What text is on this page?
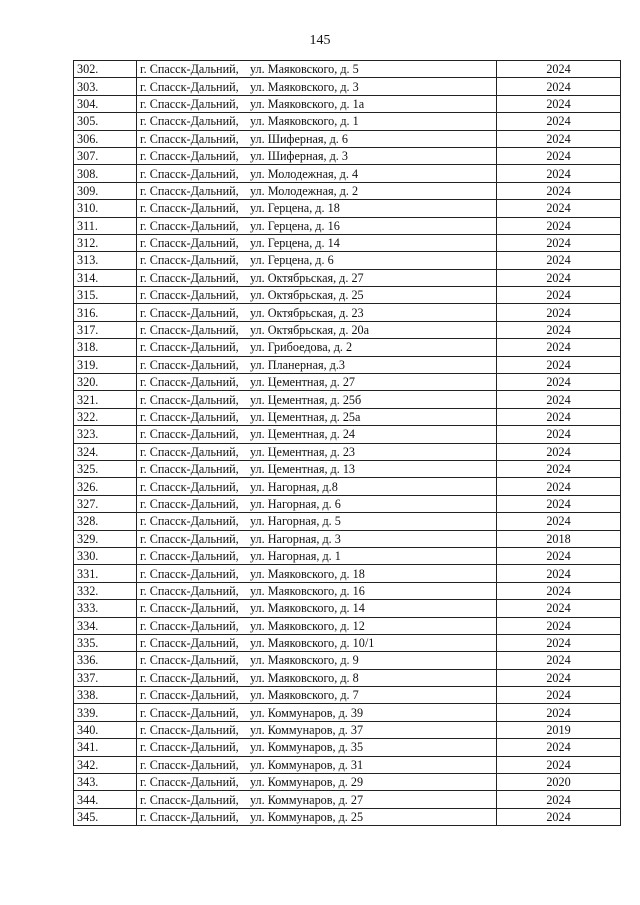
145
302.	г. Спасск-Дальний, ул. Маяковского, д. 5	2024
303.	г. Спасск-Дальний, ул. Маяковского, д. 3	2024
304.	г. Спасск-Дальний, ул. Маяковского, д. 1а	2024
305.	г. Спасск-Дальний, ул. Маяковского, д. 1	2024
306.	г. Спасск-Дальний, ул. Шиферная, д. 6	2024
307.	г. Спасск-Дальний, ул. Шиферная, д. 3	2024
308.	г. Спасск-Дальний, ул. Молодежная, д. 4	2024
309.	г. Спасск-Дальний, ул. Молодежная, д. 2	2024
310.	г. Спасск-Дальний, ул. Герцена, д. 18	2024
311.	г. Спасск-Дальний, ул. Герцена, д. 16	2024
312.	г. Спасск-Дальний, ул. Герцена, д. 14	2024
313.	г. Спасск-Дальний, ул. Герцена, д. 6	2024
314.	г. Спасск-Дальний, ул. Октябрьская, д. 27	2024
315.	г. Спасск-Дальний, ул. Октябрьская, д. 25	2024
316.	г. Спасск-Дальний, ул. Октябрьская, д. 23	2024
317.	г. Спасск-Дальний, ул. Октябрьская, д. 20а	2024
318.	г. Спасск-Дальний, ул. Грибоедова, д. 2	2024
319.	г. Спасск-Дальний, ул. Планерная, д.3	2024
320.	г. Спасск-Дальний, ул. Цементная, д. 27	2024
321.	г. Спасск-Дальний, ул. Цементная, д. 25б	2024
322.	г. Спасск-Дальний, ул. Цементная, д. 25а	2024
323.	г. Спасск-Дальний, ул. Цементная, д. 24	2024
324.	г. Спасск-Дальний, ул. Цементная, д. 23	2024
325.	г. Спасск-Дальний, ул. Цементная, д. 13	2024
326.	г. Спасск-Дальний, ул. Нагорная, д.8	2024
327.	г. Спасск-Дальний, ул. Нагорная, д. 6	2024
328.	г. Спасск-Дальний, ул. Нагорная, д. 5	2024
329.	г. Спасск-Дальний, ул. Нагорная, д. 3	2018
330.	г. Спасск-Дальний, ул. Нагорная, д. 1	2024
331.	г. Спасск-Дальний, ул. Маяковского, д. 18	2024
332.	г. Спасск-Дальний, ул. Маяковского, д. 16	2024
333.	г. Спасск-Дальний, ул. Маяковского, д. 14	2024
334.	г. Спасск-Дальний, ул. Маяковского, д. 12	2024
335.	г. Спасск-Дальний, ул. Маяковского, д. 10/1	2024
336.	г. Спасск-Дальний, ул. Маяковского, д. 9	2024
337.	г. Спасск-Дальний, ул. Маяковского, д. 8	2024
338.	г. Спасск-Дальний, ул. Маяковского, д. 7	2024
339.	г. Спасск-Дальний, ул. Коммунаров, д. 39	2024
340.	г. Спасск-Дальний, ул. Коммунаров, д. 37	2019
341.	г. Спасск-Дальний, ул. Коммунаров, д. 35	2024
342.	г. Спасск-Дальний, ул. Коммунаров, д. 31	2024
343.	г. Спасск-Дальний, ул. Коммунаров, д. 29	2020
344.	г. Спасск-Дальний, ул. Коммунаров, д. 27	2024
345.	г. Спасск-Дальний, ул. Коммунаров, д. 25	2024
